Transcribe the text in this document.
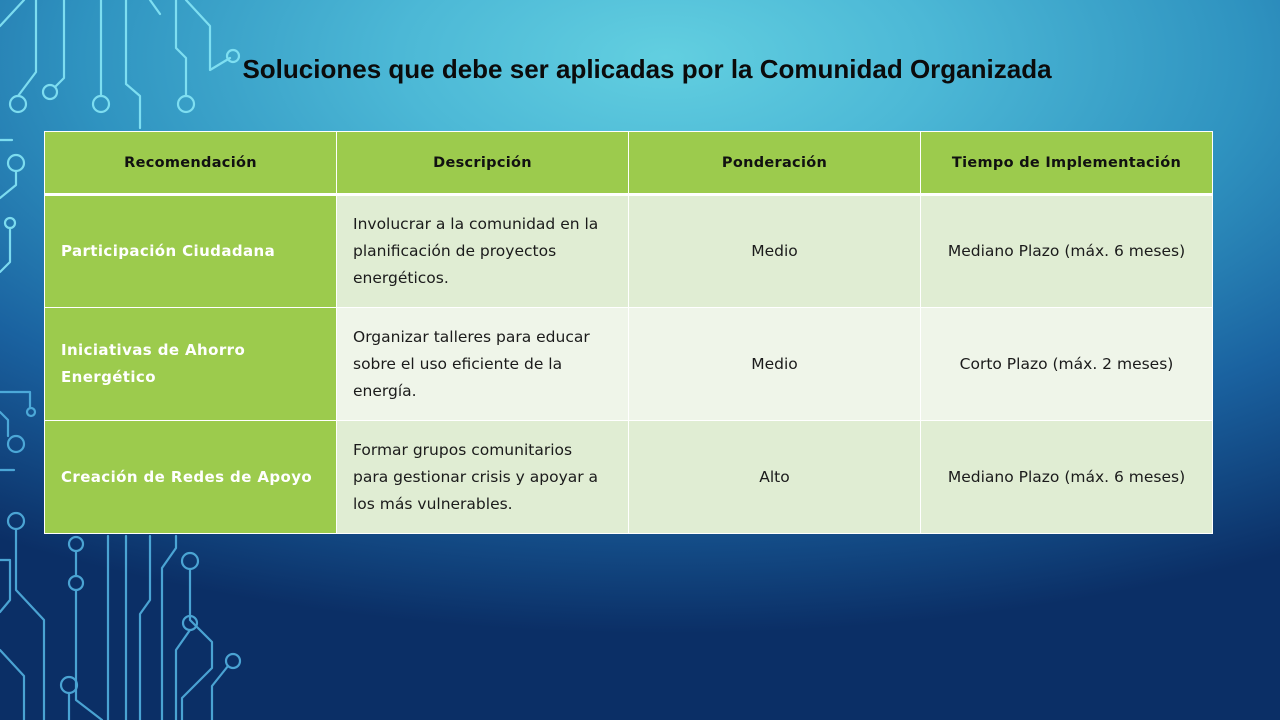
Soluciones que debe ser aplicadas por la Comunidad Organizada
Recomendación	Descripción	Ponderación	Tiempo de Implementación
Participación Ciudadana	Involucrar a la comunidad en la planificación de proyectos energéticos.	Medio	Mediano Plazo (máx. 6 meses)
Iniciativas de Ahorro Energético	Organizar talleres para educar sobre el uso eficiente de la energía.	Medio	Corto Plazo (máx. 2 meses)
Creación de Redes de Apoyo	Formar grupos comunitarios para gestionar crisis y apoyar a los más vulnerables.	Alto	Mediano Plazo (máx. 6 meses)
